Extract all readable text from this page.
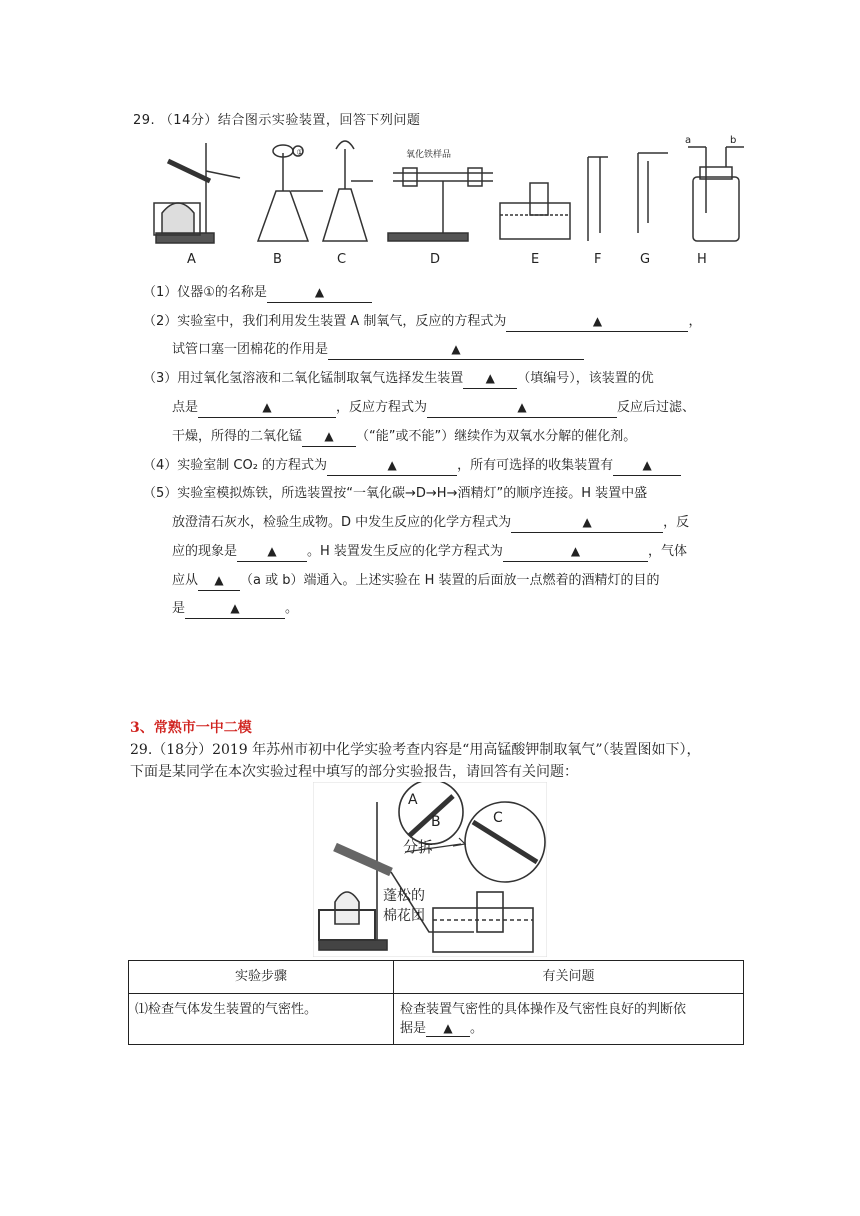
29. （14分）结合图示实验装置，回答下列问题
氧化铁样品
①
a	b
A	B	C	D	E	F	G	H
（1）仪器①的名称是	▲
（2）实验室中，我们利用发生装置 A 制氧气，反应的方程式为	▲	，
试管口塞一团棉花的作用是	▲
（3）用过氧化氢溶液和二氧化锰制取氧气选择发生装置 ▲ （填编号），该装置的优
点是	▲	，反应方程式为	▲	反应后过滤、
干燥，所得的二氧化锰 ▲ （“能”或不能”）继续作为双氧水分解的催化剂。
（4）实验室制 CO₂ 的方程式为	▲	，所有可选择的收集装置有 ▲
（5）实验室模拟炼铁，所选装置按“一氧化碳→D→H→酒精灯”的顺序连接。H 装置中盛
放澄清石灰水，检验生成物。D 中发生反应的化学方程式为	▲	，反
应的现象是	▲ 。H 装置发生反应的化学方程式为	▲	，气体
应从 ▲ （a 或 b）端通入。上述实验在 H 装置的后面放一点燃着的酒精灯的目的
是	▲	。
3、常熟市一中二模
29.（18分）2019 年苏州市初中化学实验考查内容是“用高锰酸钾制取氧气”（装置图如下），
下面是某同学在本次实验过程中填写的部分实验报告，请回答有关问题：
A
B	C
分拆
蓬松的
棉花团
实验步骤	有关问题
⑴检查气体发生装置的气密性。	检查装置气密性的具体操作及气密性良好的判断依
据是 ▲ 。
